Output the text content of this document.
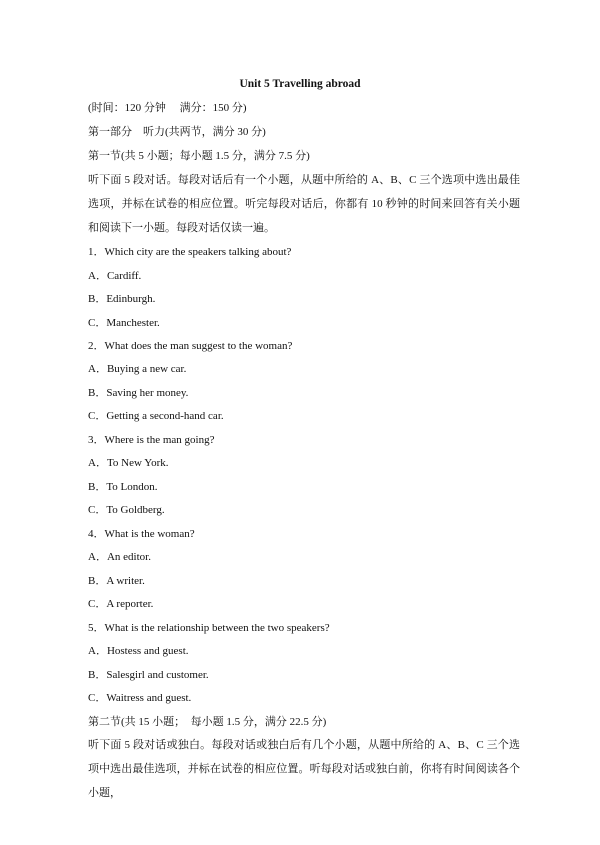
Unit 5 Travelling abroad
(时间：120 分钟　 满分：150 分)
第一部分　听力(共两节，满分 30 分)
第一节(共 5 小题；每小题 1.5 分，满分 7.5 分)
听下面 5 段对话。每段对话后有一个小题，从题中所给的 A、B、C 三个选项中选出最佳选项，并标在试卷的相应位置。听完每段对话后，你都有 10 秒钟的时间来回答有关小题和阅读下一小题。每段对话仅读一遍。
1．Which city are the speakers talking about?
A．Cardiff.
B．Edinburgh.
C．Manchester.
2．What does the man suggest to the woman?
A．Buying a new car.
B．Saving her money.
C．Getting a second-hand car.
3．Where is the man going?
A．To New York.
B．To London.
C．To Goldberg.
4．What is the woman?
A．An editor.
B．A writer.
C．A reporter.
5．What is the relationship between the two speakers?
A．Hostess and guest.
B．Salesgirl and customer.
C．Waitress and guest.
第二节(共 15 小题；　每小题 1.5 分，满分 22.5 分)
听下面 5 段对话或独白。每段对话或独白后有几个小题，从题中所给的 A、B、C 三个选项中选出最佳选项，并标在试卷的相应位置。听每段对话或独白前，你将有时间阅读各个小题，
